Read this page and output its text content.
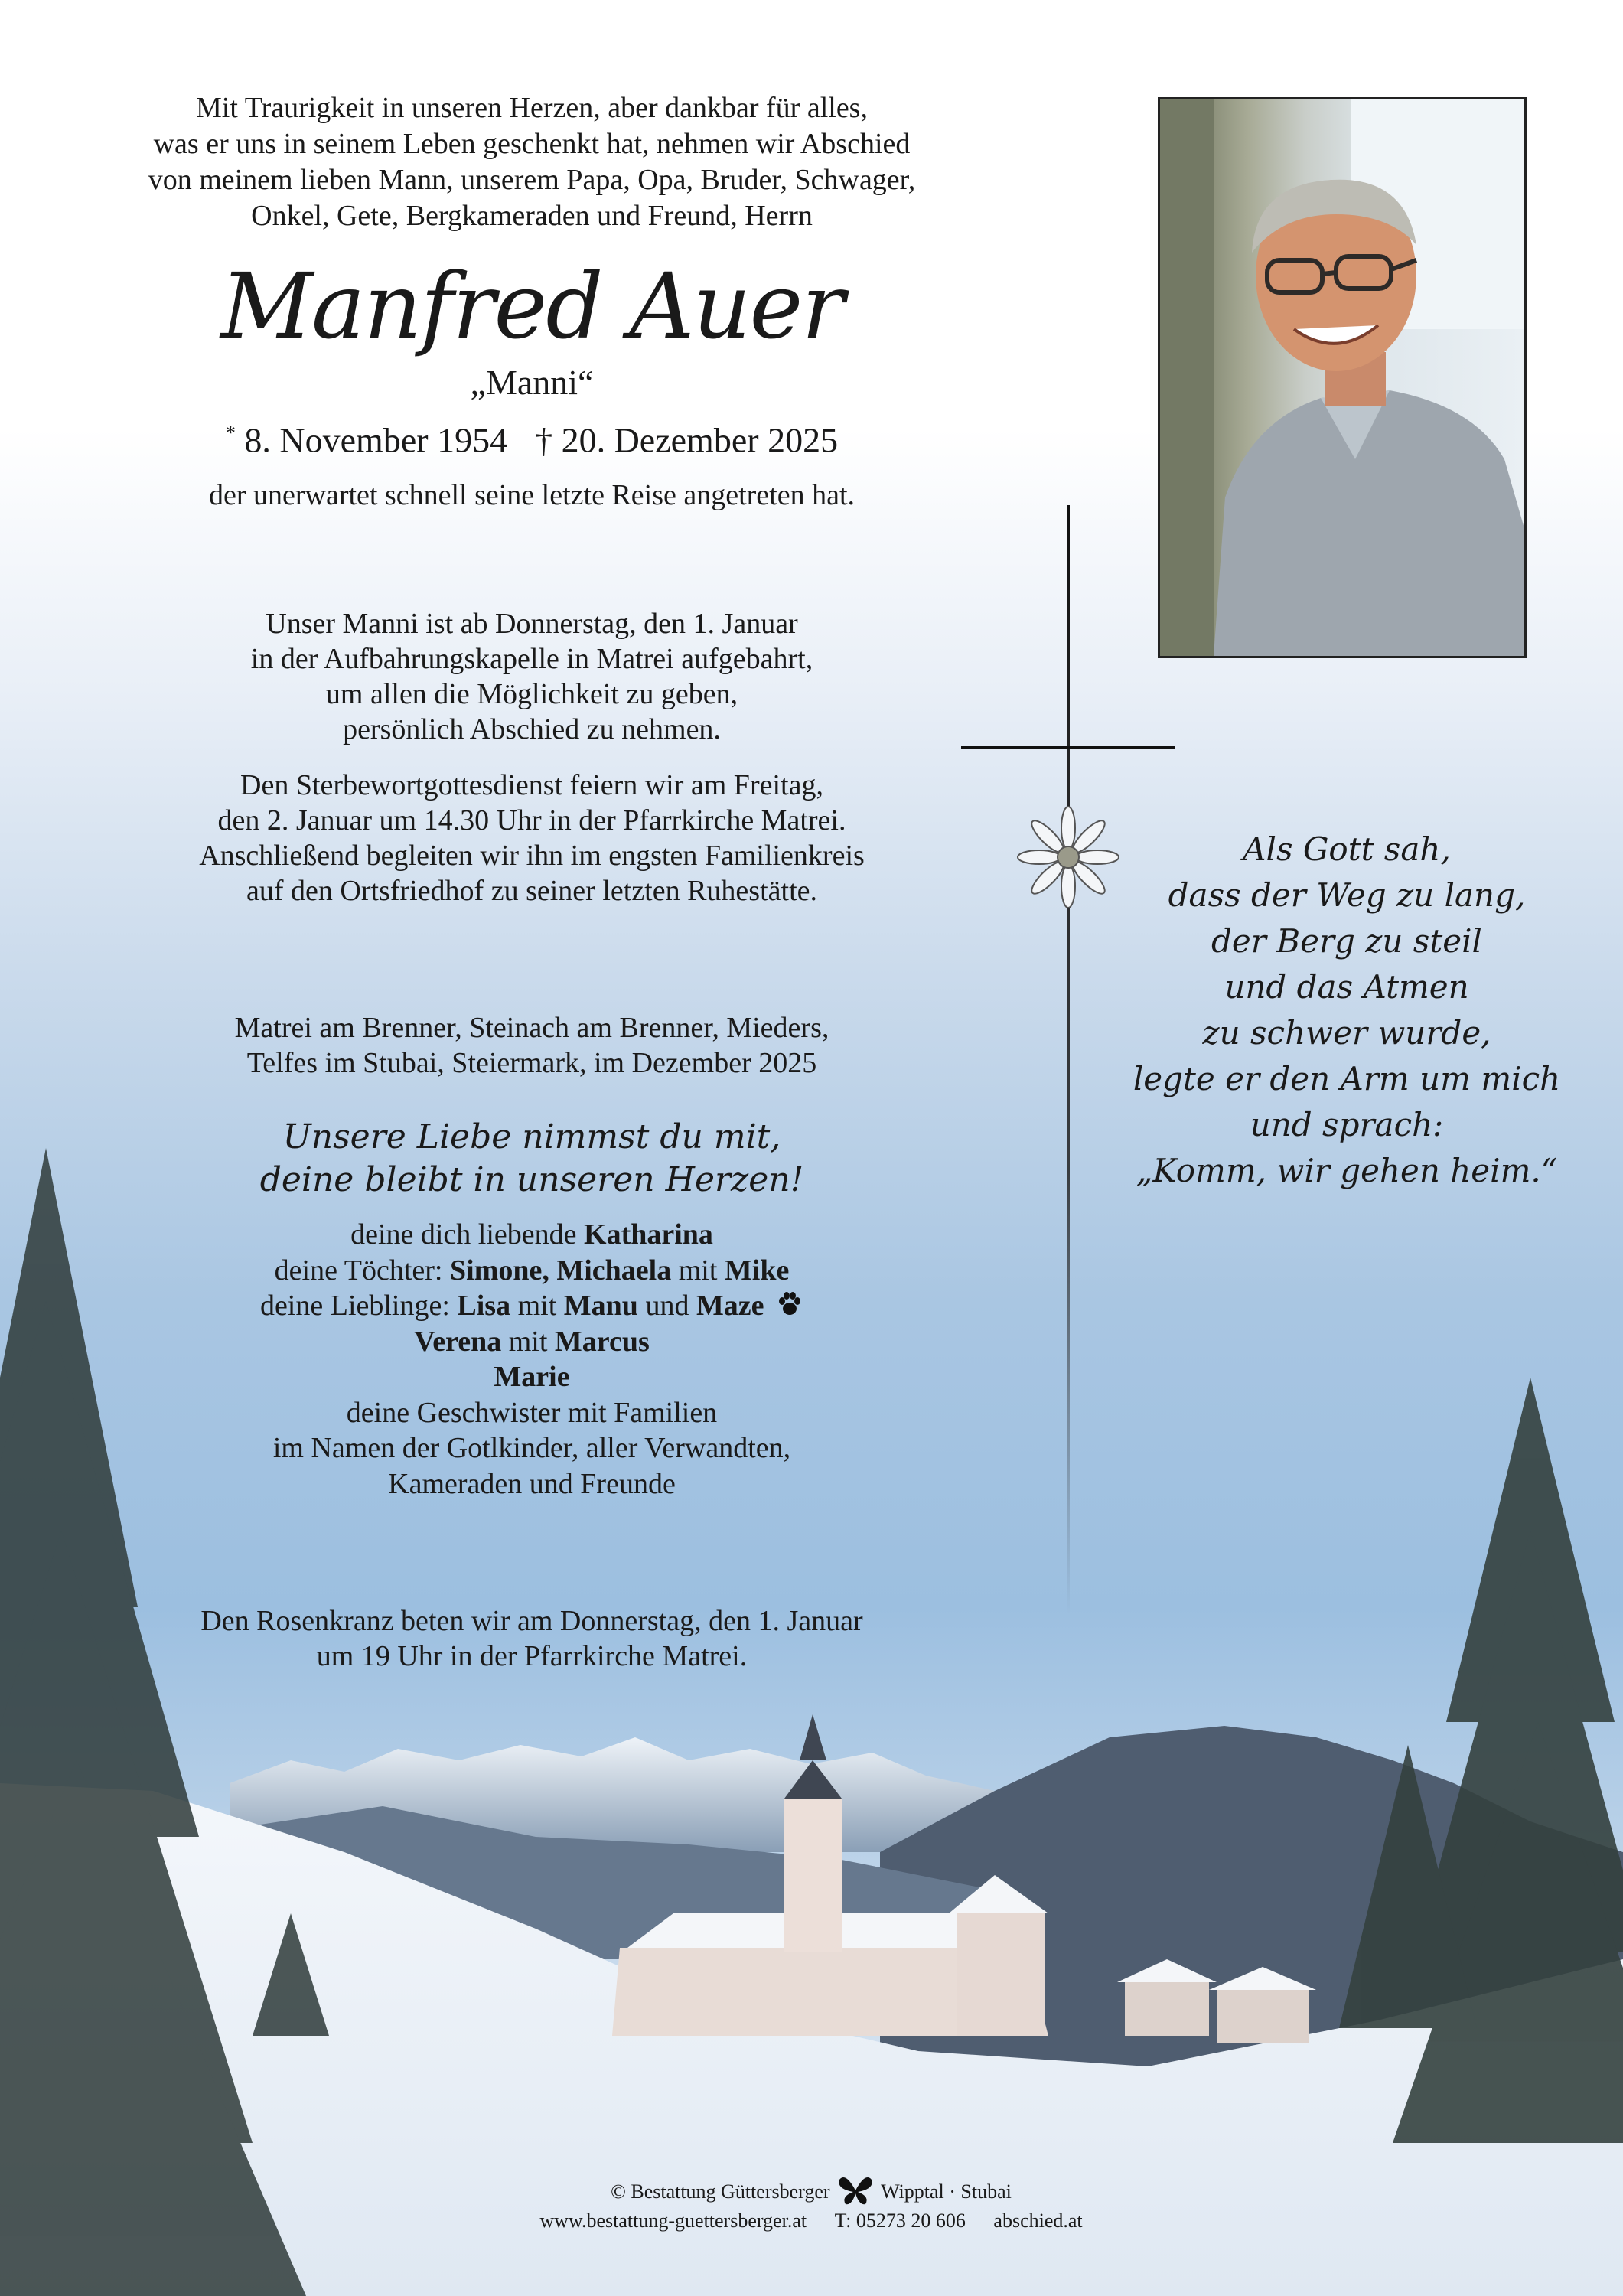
Mit Traurigkeit in unseren Herzen, aber dankbar für alles,
was er uns in seinem Leben geschenkt hat, nehmen wir Abschied
von meinem lieben Mann, unserem Papa, Opa, Bruder, Schwager,
Onkel, Gete, Bergkameraden und Freund, Herrn
Manfred Auer
„Manni“
* 8. November 1954 † 20. Dezember 2025
der unerwartet schnell seine letzte Reise angetreten hat.
Unser Manni ist ab Donnerstag, den 1. Januar
in der Aufbahrungskapelle in Matrei aufgebahrt,
um allen die Möglichkeit zu geben,
persönlich Abschied zu nehmen.
Den Sterbewortgottesdienst feiern wir am Freitag,
den 2. Januar um 14.30 Uhr in der Pfarrkirche Matrei.
Anschließend begleiten wir ihn im engsten Familienkreis
auf den Ortsfriedhof zu seiner letzten Ruhestätte.
Matrei am Brenner, Steinach am Brenner, Mieders,
Telfes im Stubai, Steiermark, im Dezember 2025
Unsere Liebe nimmst du mit,
deine bleibt in unseren Herzen!
deine dich liebende Katharina
deine Töchter: Simone, Michaela mit Mike
deine Lieblinge: Lisa mit Manu und Maze
Verena mit Marcus
Marie
deine Geschwister mit Familien
im Namen der Gotlkinder, aller Verwandten,
Kameraden und Freunde
Den Rosenkranz beten wir am Donnerstag, den 1. Januar
um 19 Uhr in der Pfarrkirche Matrei.
Als Gott sah,
dass der Weg zu lang,
der Berg zu steil
und das Atmen
zu schwer wurde,
legte er den Arm um mich
und sprach:
„Komm, wir gehen heim.“
© Bestattung Güttersberger	Wipptal · Stubai
www.bestattung-guettersberger.at T: 05273 20 606 abschied.at
